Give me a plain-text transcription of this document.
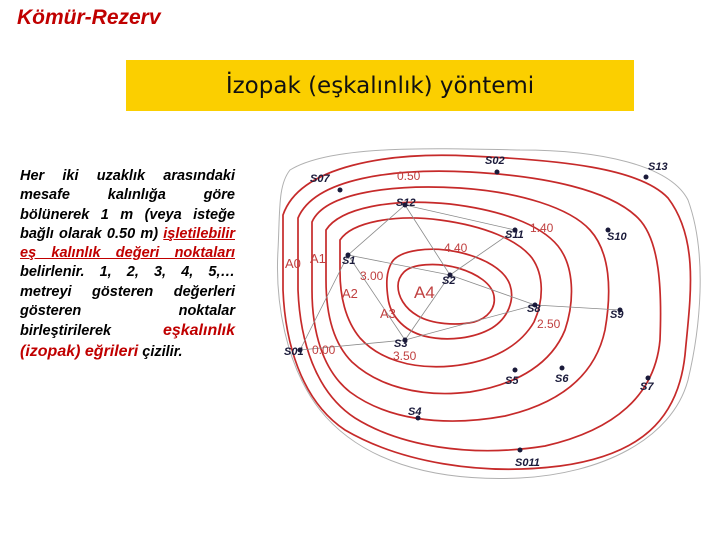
Kömür-Rezerv
İzopak (eşkalınlık) yöntemi
Her iki uzaklık arasındaki mesafe kalınlığa göre bölünerek 1 m (veya isteğe bağlı olarak 0.50 m) işletilebilir eş kalınlık değeri noktaları belirlenir. 1, 2, 3, 4, 5,… metreyi gösteren değerleri gösteren noktalar birleştirilerek eşkalınlık (izopak) eğrileri çizilir.
0.50
1.40
4.40
3.00
2.50
3.50
0.00
A0 A1
A2
A3
A4
S07
S02	S13
S12
S11	S10
S1
S2
S8	S9
S01
S3
S5	S6
S7
S4
S011
